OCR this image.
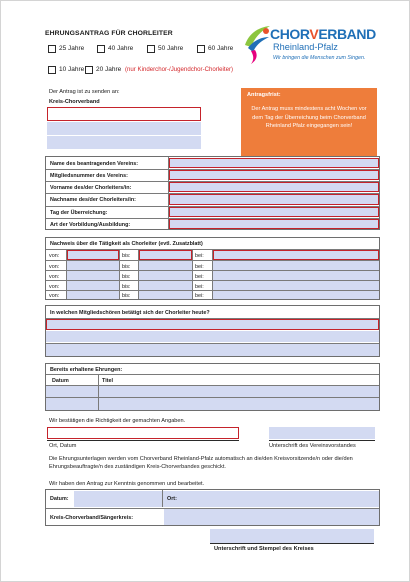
EHRUNGSANTRAG FÜR CHORLEITER
25 Jahre	40 Jahre	50 Jahre	60 Jahre
10 Jahre 20 Jahre (nur Kinderchor-/Jugendchor-Chorleiter)
CHORVERBAND
Rheinland-Pfalz
Wir bringen die Menschen zum Singen.
Der Antrag ist zu senden an:
Kreis-Chorverband
Antragsfrist:
Der Antrag muss mindestens acht Wochen vor dem Tag der Überreichung beim Chorverband Rheinland Pfalz eingegangen sein!
Name des beantragenden Vereins:
Mitgliedsnummer des Vereins:
Vorname des/der Chorleiters/in:
Nachname des/der Chorleiters/in:
Tag der Überreichung:
Art der Vorbildung/Ausbildung:
Nachweis über die Tätigkeit als Chorleiter (evtl. Zusatzblatt)
von:	bis:	bei:
von:	bis:	bei:
von:	bis:	bei:
von:	bis:	bei:
von:	bis:	bei:
In welchen Mitgliedschören betätigt sich der Chorleiter heute?
Bereits erhaltene Ehrungen:
Datum	Titel
Wir bestätigen die Richtigkeit der gemachten Angaben.
Ort, Datum	Unterschrift des Vereinsvorstandes
Die Ehrungsunterlagen werden vom Chorverband Rheinland-Pfalz automatisch an die/den Kreisvorsitzende/n oder die/den Ehrungsbeauftragte/n des zuständigen Kreis-Chorverbandes geschickt.
Wir haben den Antrag zur Kenntnis genommen und bearbeitet.
Datum:	Ort:
Kreis-Chorverband/Sängerkreis:
Unterschrift und Stempel des Kreises
